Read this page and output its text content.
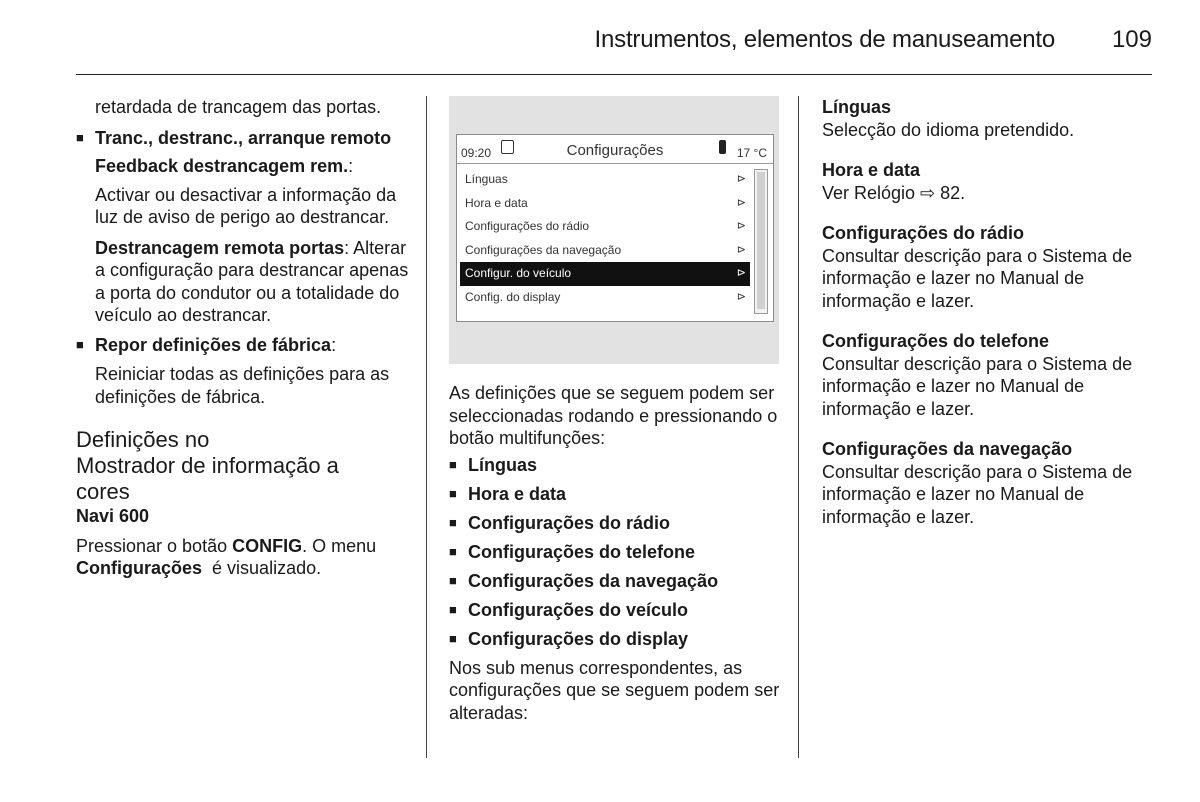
Instrumentos, elementos de manuseamento 109

retardada de trancagem das portas.

■ Tranc., destranc., arranque remoto

Feedback destrancagem rem.:

Activar ou desactivar a informação da luz de aviso de perigo ao destrancar.

Destrancagem remota portas: Alterar a configuração para destrancar apenas a porta do condutor ou a totalidade do veículo ao destrancar.

■ Repor definições de fábrica:

Reiniciar todas as definições para as definições de fábrica.

Definições no
Mostrador de informação a
cores

Navi 600

Pressionar o botão CONFIG. O menu
Configurações  é visualizado.

09:20	Configurações	17 °C
Línguas	⊳
Hora e data	⊳
Configurações do rádio	⊳
Configurações da navegação	⊳
Configur. do veículo	⊳
Config. do display	⊳

As definições que se seguem podem ser seleccionadas rodando e pressionando o botão multifunções:

■ Línguas

■ Hora e data

■ Configurações do rádio

■ Configurações do telefone

■ Configurações da navegação

■ Configurações do veículo

■ Configurações do display

Nos sub menus correspondentes, as configurações que se seguem podem ser alteradas:

Línguas

Selecção do idioma pretendido.

Hora e data

Ver Relógio ⇨ 82.

Configurações do rádio

Consultar descrição para o Sistema de informação e lazer no Manual de informação e lazer.

Configurações do telefone

Consultar descrição para o Sistema de informação e lazer no Manual de informação e lazer.

Configurações da navegação

Consultar descrição para o Sistema de informação e lazer no Manual de informação e lazer.
